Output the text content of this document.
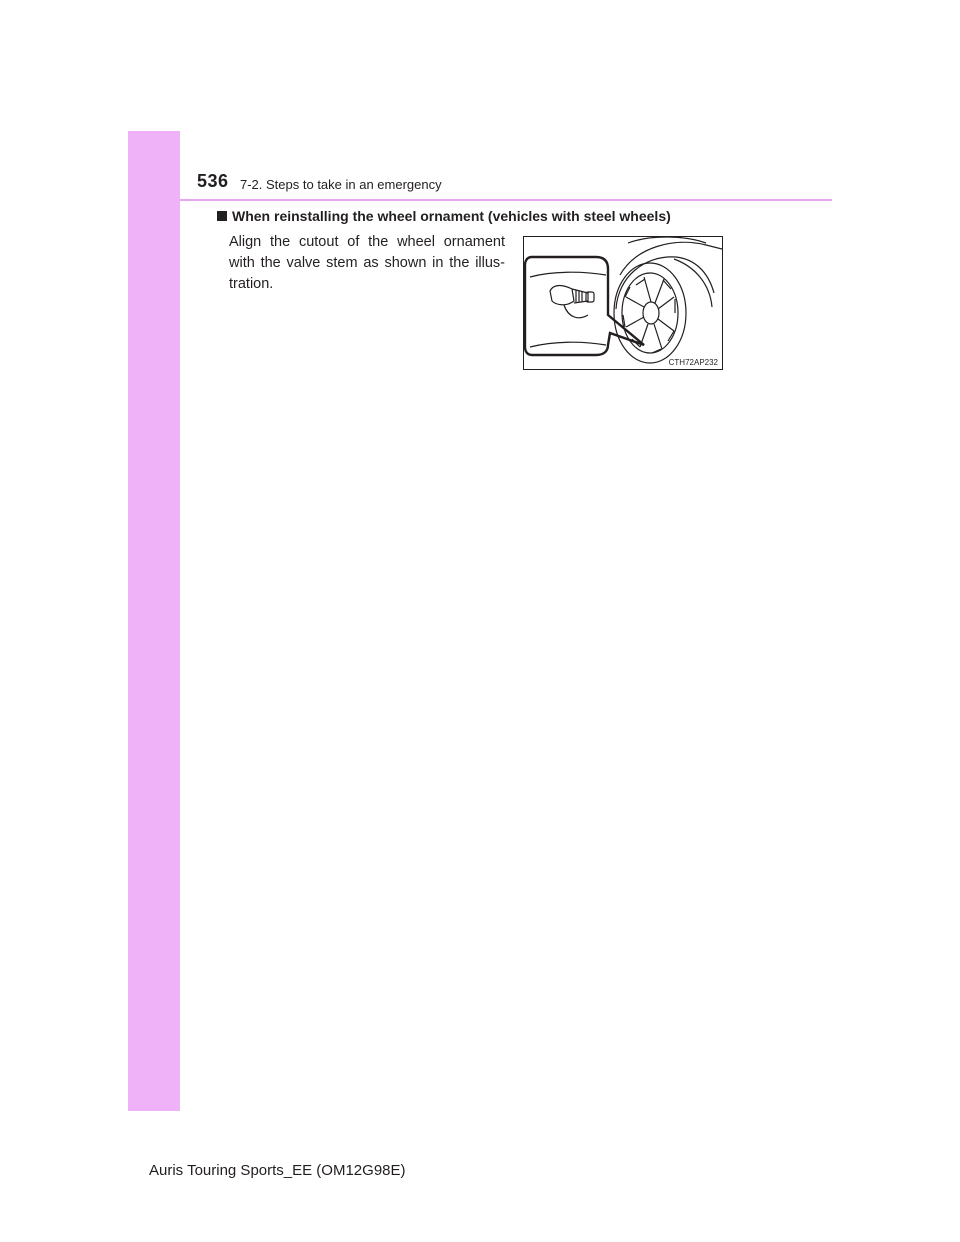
536 7-2. Steps to take in an emergency
When reinstalling the wheel ornament (vehicles with steel wheels)
Align the cutout of the wheel ornament with the valve stem as shown in the illus-tration.
CTH72AP232
Auris Touring Sports_EE (OM12G98E)
